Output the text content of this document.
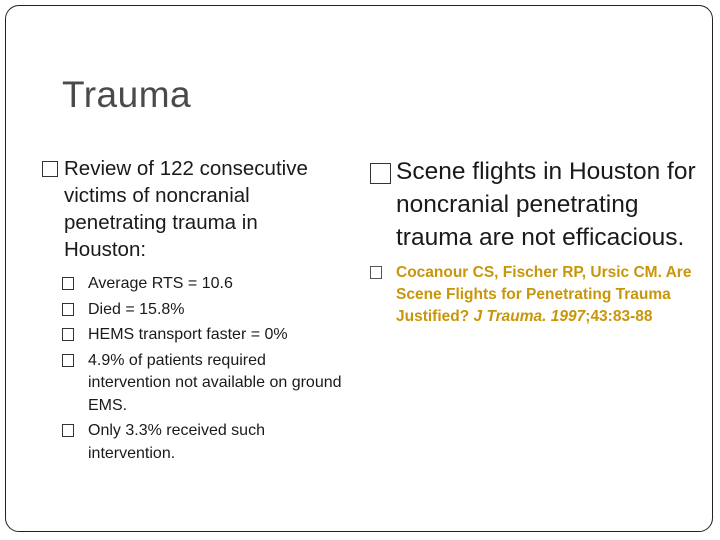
Trauma
Review of 122 consecutive victims of noncranial penetrating trauma in Houston:
Average RTS = 10.6
Died = 15.8%
HEMS transport faster = 0%
4.9% of patients required intervention not available on ground EMS.
Only 3.3% received such intervention.
Scene flights in Houston for noncranial penetrating trauma are not efficacious.
Cocanour CS, Fischer RP, Ursic CM. Are Scene Flights for Penetrating Trauma Justified? J Trauma. 1997;43:83-88
